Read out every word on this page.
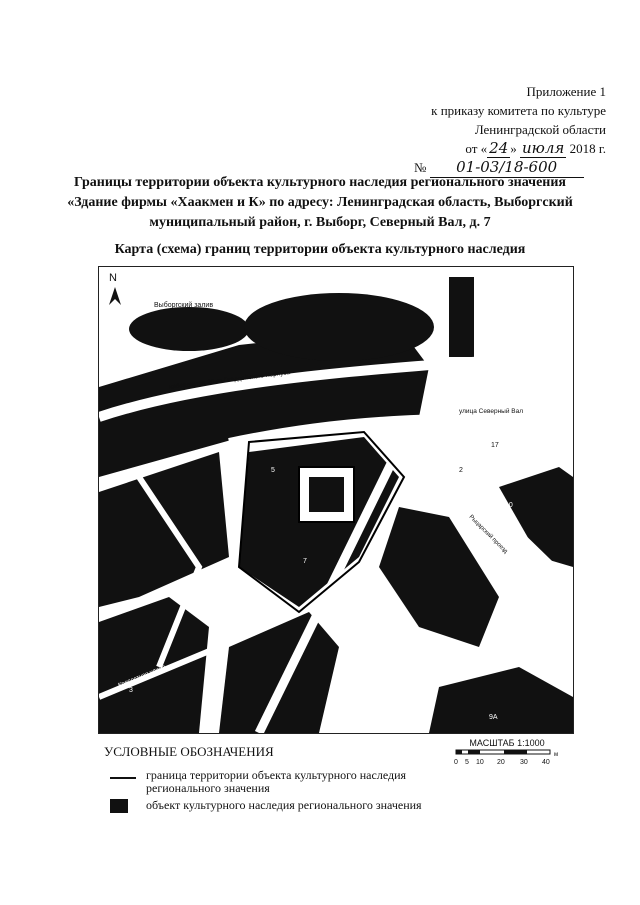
Приложение 1
к приказу комитета по культуре
Ленинградской области
от « 24 » июля 2018 г.
№ 01-03/18-600
Границы территории объекта культурного наследия регионального значения
«Здание фирмы «Хаакмен и К» по адресу: Ленинградская область, Выборгский
муниципальный район, г. Выборг, Северный Вал, д. 7
Карта (схема) границ территории объекта культурного наследия
N
набережная 30-го Гвардейского Корпуса
улица Северный Вал
Выборгский залив
Рыцарский проезд
Крепостная улица
1
2
3
5
7
9А
17
10
УСЛОВНЫЕ ОБОЗНАЧЕНИЯ
МАСШТАБ 1:1000
0 5 10 20 30 40
м
граница территории объекта культурного наследия
регионального значения
объект культурного наследия регионального значения
